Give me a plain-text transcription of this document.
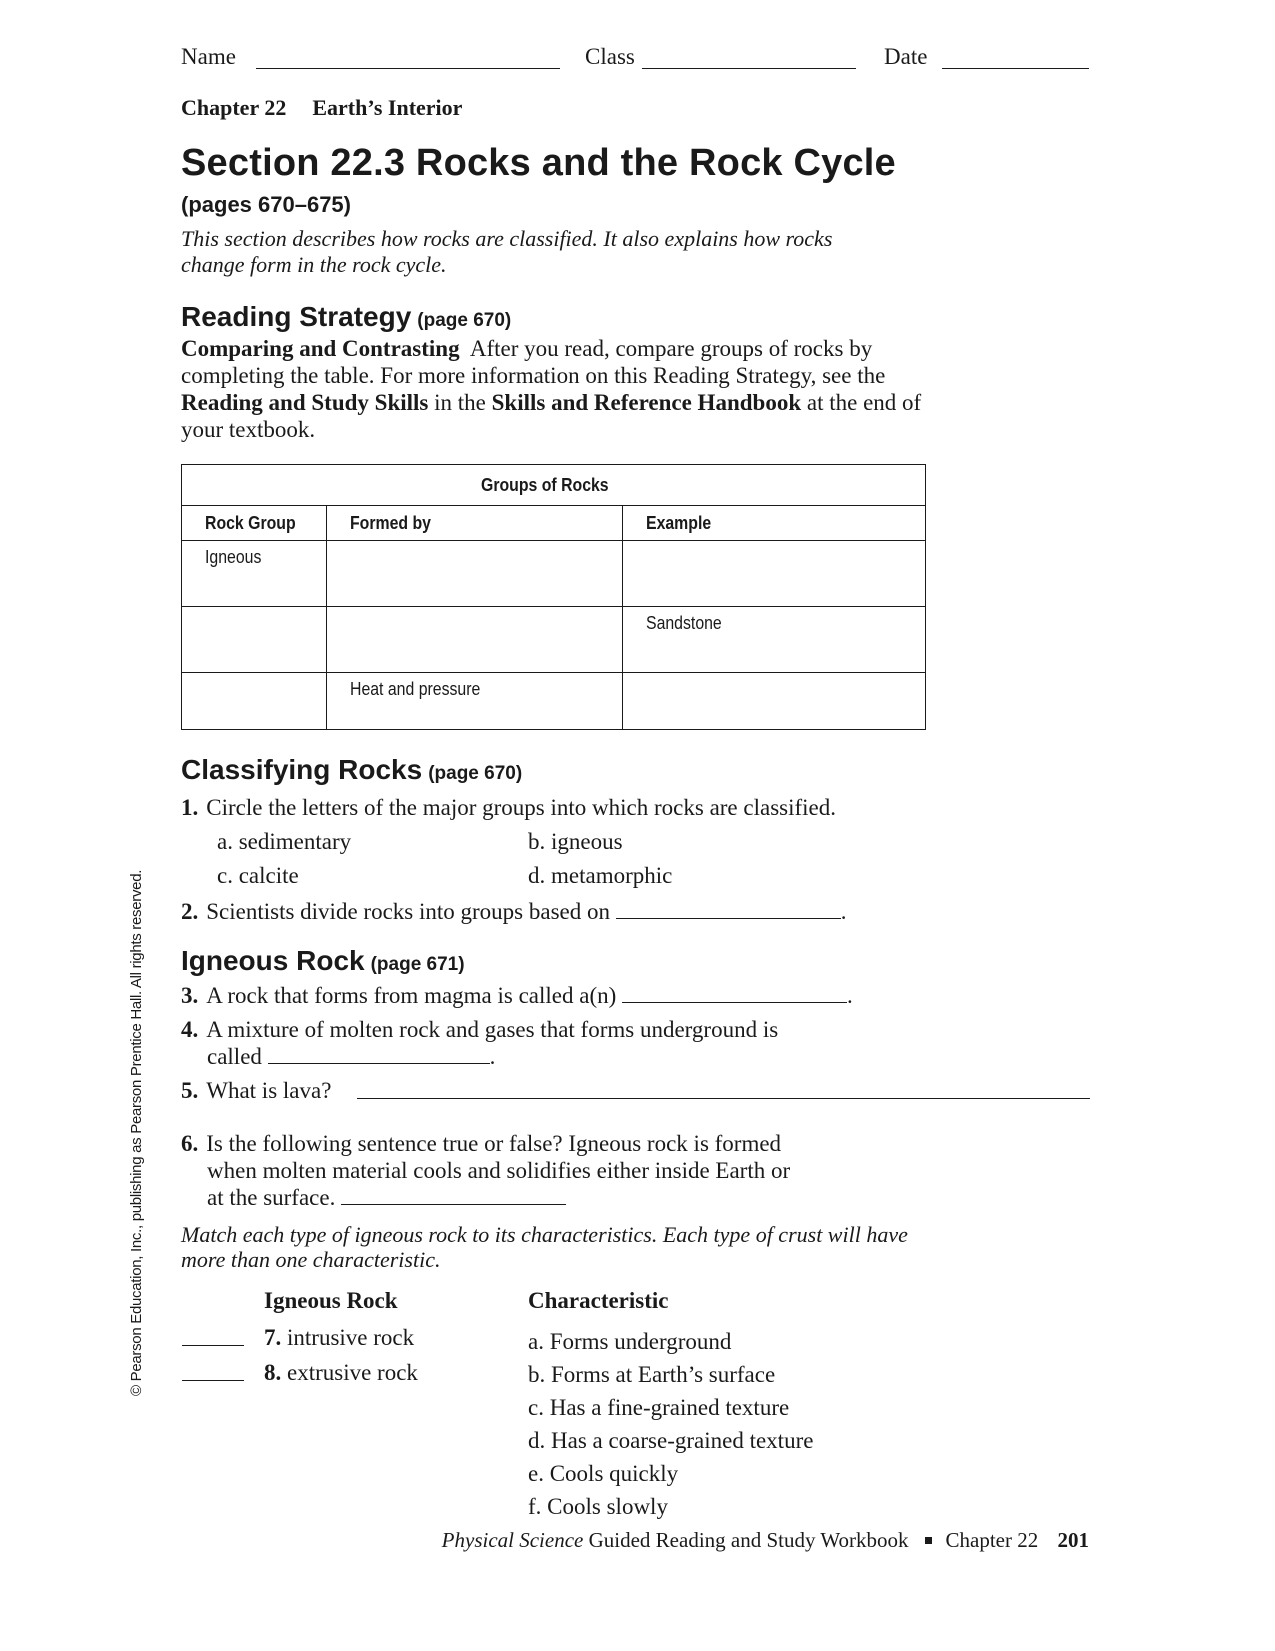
Name	Class	Date
Chapter 22 Earth’s Interior
Section 22.3 Rocks and the Rock Cycle
(pages 670–675)
This section describes how rocks are classified. It also explains how rocks change form in the rock cycle.
Reading Strategy (page 670)
Comparing and Contrasting After you read, compare groups of rocks by completing the table. For more information on this Reading Strategy, see the Reading and Study Skills in the Skills and Reference Handbook at the end of your textbook.
Groups of Rocks		
Rock Group	Formed by	Example
Igneous		
		Sandstone
	Heat and pressure	
Classifying Rocks (page 670)
1. Circle the letters of the major groups into which rocks are classified.
a. sedimentary	b. igneous
c. calcite	d. metamorphic
2. Scientists divide rocks into groups based on	.
Igneous Rock (page 671)
3. A rock that forms from magma is called a(n)	.
4. A mixture of molten rock and gases that forms underground is
called	.
5. What is lava?
6. Is the following sentence true or false? Igneous rock is formed
when molten material cools and solidifies either inside Earth or
at the surface.
Match each type of igneous rock to its characteristics. Each type of crust will have more than one characteristic.
Igneous Rock	Characteristic
7. intrusive rock
8. extrusive rock
a. Forms underground
b. Forms at Earth’s surface
c. Has a fine-grained texture
d. Has a coarse-grained texture
e. Cools quickly
f. Cools slowly
© Pearson Education, Inc., publishing as Pearson Prentice Hall. All rights reserved.
Physical Science Guided Reading and Study Workbook Chapter 22 201
